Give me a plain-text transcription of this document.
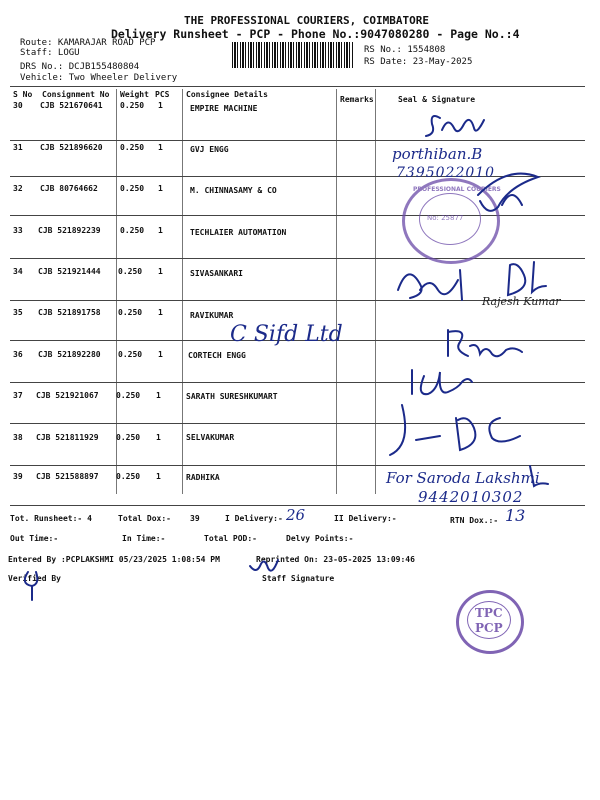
THE PROFESSIONAL COURIERS, COIMBATORE
Delivery Runsheet - PCP - Phone No.:9047080280 - Page No.:4
Route: KAMARAJAR ROAD PCP
Staff: LOGU
DRS No.: DCJB155480804
Vehicle: Two Wheeler Delivery
RS No.: 1554808
RS Date: 23-May-2025
S No Consignment No Weight PCS Consignee Details
Remarks	Seal & Signature
30 CJB 521670641 0.250 1	EMPIRE MACHINE
31 CJB 521896620 0.250 1	GVJ ENGG
32 CJB 80764662	0.250 1	M. CHINNASAMY & CO
33 CJB 521892239 0.250 1	TECHLAIER AUTOMATION
34 CJB 521921444 0.250 1	SIVASANKARI
35 CJB 521891758 0.250 1	RAVIKUMAR
36 CJB 521892280 0.250 1	CORTECH ENGG
37 CJB 521921067 0.250 1	SARATH SURESHKUMART
38 CJB 521811929 0.250 1	SELVAKUMAR
39 CJB 521588897 0.250 1	RADHIKA
Tot. Runsheet:- 4	Total Dox:- 39	I Delivery:- 26	II Delivery:-	RTN Dox.:- 13
Out Time:-	In Time:-	Total POD:-	Delvy Points:-
Entered By :PCPLAKSHMI 05/23/2025 1:08:54 PM	Reprinted On: 23-05-2025 13:09:46
Verified By	Staff Signature
porthiban.B
7395022010
Rajesh Kumar
C Sifd Ltd
For Saroda Lakshmi
9442010302
PROFESSIONAL COURIERS
No: 25877
TPC
PCP
